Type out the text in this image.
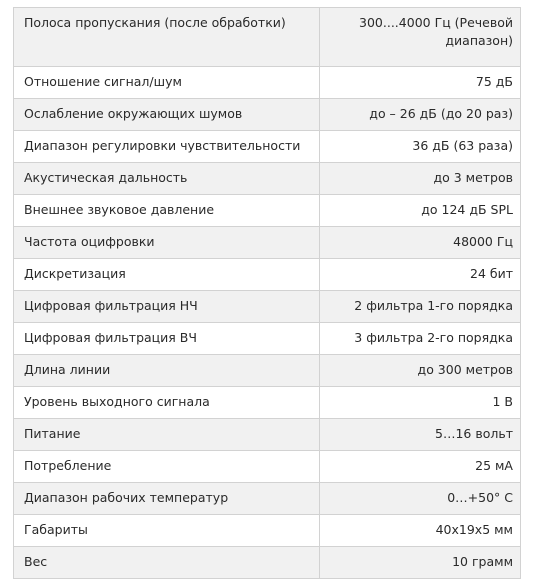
Полоса пропускания (после обработки)	300....4000 Гц (Речевой диапазон)
Отношение сигнал/шум	75 дБ
Ослабление окружающих шумов	до – 26 дБ (до 20 раз)
Диапазон регулировки чувствительности	36 дБ (63 раза)
Акустическая дальность	до 3 метров
Внешнее звуковое давление	до 124 дБ SPL
Частота оцифровки	48000 Гц
Дискретизация	24 бит
Цифровая фильтрация НЧ	2 фильтра 1-го порядка
Цифровая фильтрация ВЧ	3 фильтра 2-го порядка
Длина линии	до 300 метров
Уровень выходного сигнала	1 В
Питание	5…16 вольт
Потребление	25 мА
Диапазон рабочих температур	0…+50° С
Габариты	40x19x5 мм
Вес	10 грамм
